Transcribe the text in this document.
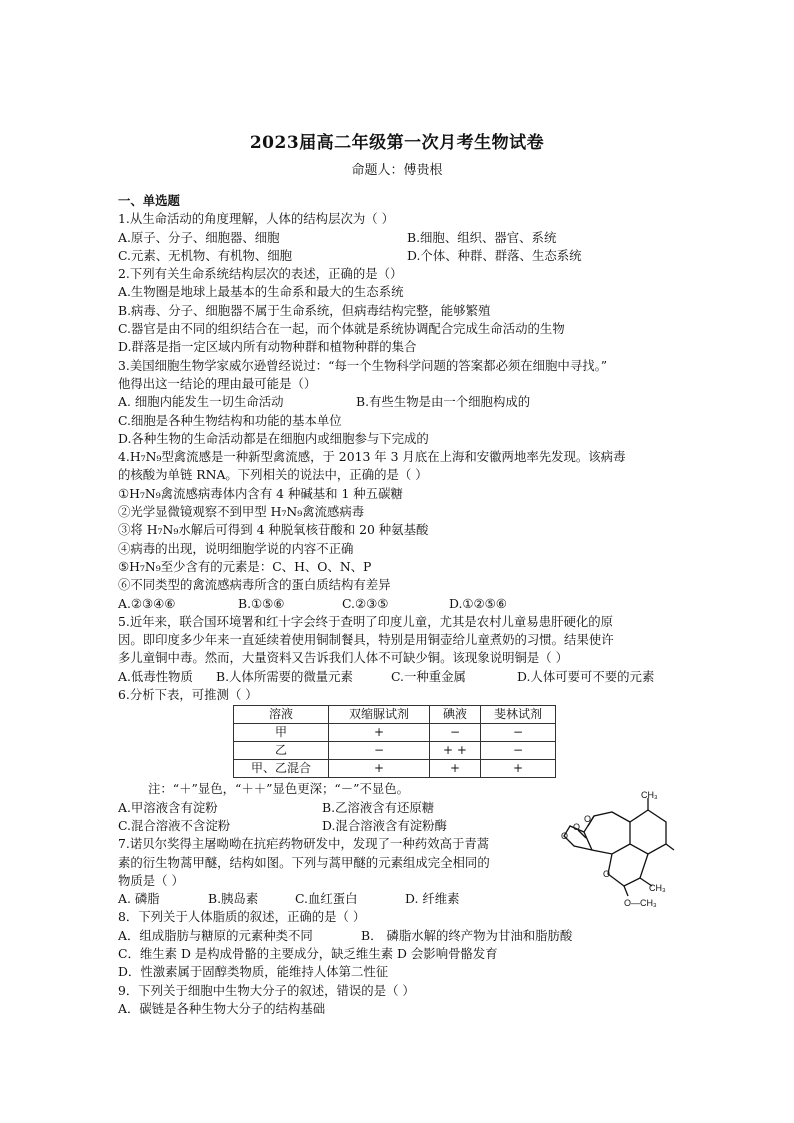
2023届高二年级第一次月考生物试卷
命题人：傅贵根
一、单选题
1.从生命活动的角度理解，人体的结构层次为（ ）
A.原子、分子、细胞器、细胞	B.细胞、组织、器官、系统
C.元素、无机物、有机物、细胞	D.个体、种群、群落、生态系统
2.下列有关生命系统结构层次的表述，正确的是（）
A.生物圈是地球上最基本的生命系和最大的生态系统
B.病毒、分子、细胞器不属于生命系统，但病毒结构完整，能够繁殖
C.器官是由不同的组织结合在一起，而个体就是系统协调配合完成生命活动的生物
D.群落是指一定区域内所有动物种群和植物种群的集合
3.美国细胞生物学家威尔逊曾经说过：“每一个生物科学问题的答案都必须在细胞中寻找。”
他得出这一结论的理由最可能是（）
A. 细胞内能发生一切生命活动	B.有些生物是由一个细胞构成的
C.细胞是各种生物结构和功能的基本单位
D.各种生物的生命活动都是在细胞内或细胞参与下完成的
4.H₇N₉型禽流感是一种新型禽流感，于 2013 年 3 月底在上海和安徽两地率先发现。该病毒
的核酸为单链 RNA。下列相关的说法中，正确的是（ ）
①H₇N₉禽流感病毒体内含有 4 种碱基和 1 种五碳糖
②光学显微镜观察不到甲型 H₇N₉禽流感病毒
③将 H₇N₉水解后可得到 4 种脱氧核苷酸和 20 种氨基酸
④病毒的出现，说明细胞学说的内容不正确
⑤H₇N₉至少含有的元素是：C、H、O、N、P
⑥不同类型的禽流感病毒所含的蛋白质结构有差异
A.②③④⑥	B.①⑤⑥	C.②③⑤	D.①②⑤⑥
5.近年来，联合国环境署和红十字会终于查明了印度儿童，尤其是农村儿童易患肝硬化的原
因。即印度多少年来一直延续着使用铜制餐具，特别是用铜壶给儿童煮奶的习惯。结果使许
多儿童铜中毒。然而，大量资料又告诉我们人体不可缺少铜。该现象说明铜是（ ）
A.低毒性物质	B.人体所需要的微量元素	C.一种重金属	D.人体可要可不要的元素
6.分析下表，可推测（ ）
溶液	双缩脲试剂	碘液	斐林试剂
甲	+	−	−
乙	−	+ +	−
甲、乙混合	+	+	+
注：“＋”显色，“＋＋”显色更深；“－”不显色。
A.甲溶液含有淀粉	B.乙溶液含有还原糖
C.混合溶液不含淀粉	D.混合溶液含有淀粉酶
7.诺贝尔奖得主屠呦呦在抗疟药物研发中，发现了一种药效高于青蒿
素的衍生物蒿甲醚，结构如图。下列与蒿甲醚的元素组成完全相同的
物质是（ ）
A. 磷脂	B.胰岛素	C.血红蛋白	D. 纤维素
8．下列关于人体脂质的叙述，正确的是（ ）
A．组成脂肪与糖原的元素种类不同	B． 磷脂水解的终产物为甘油和脂肪酸
C．维生素 D 是构成骨骼的主要成分，缺乏维生素 D 会影响骨骼发育
D．性激素属于固醇类物质，能维持人体第二性征
9．下列关于细胞中生物大分子的叙述，错误的是（ ）
A．碳链是各种生物大分子的结构基础
O
O
O
O
CH₃
CH₃
O—CH₃
